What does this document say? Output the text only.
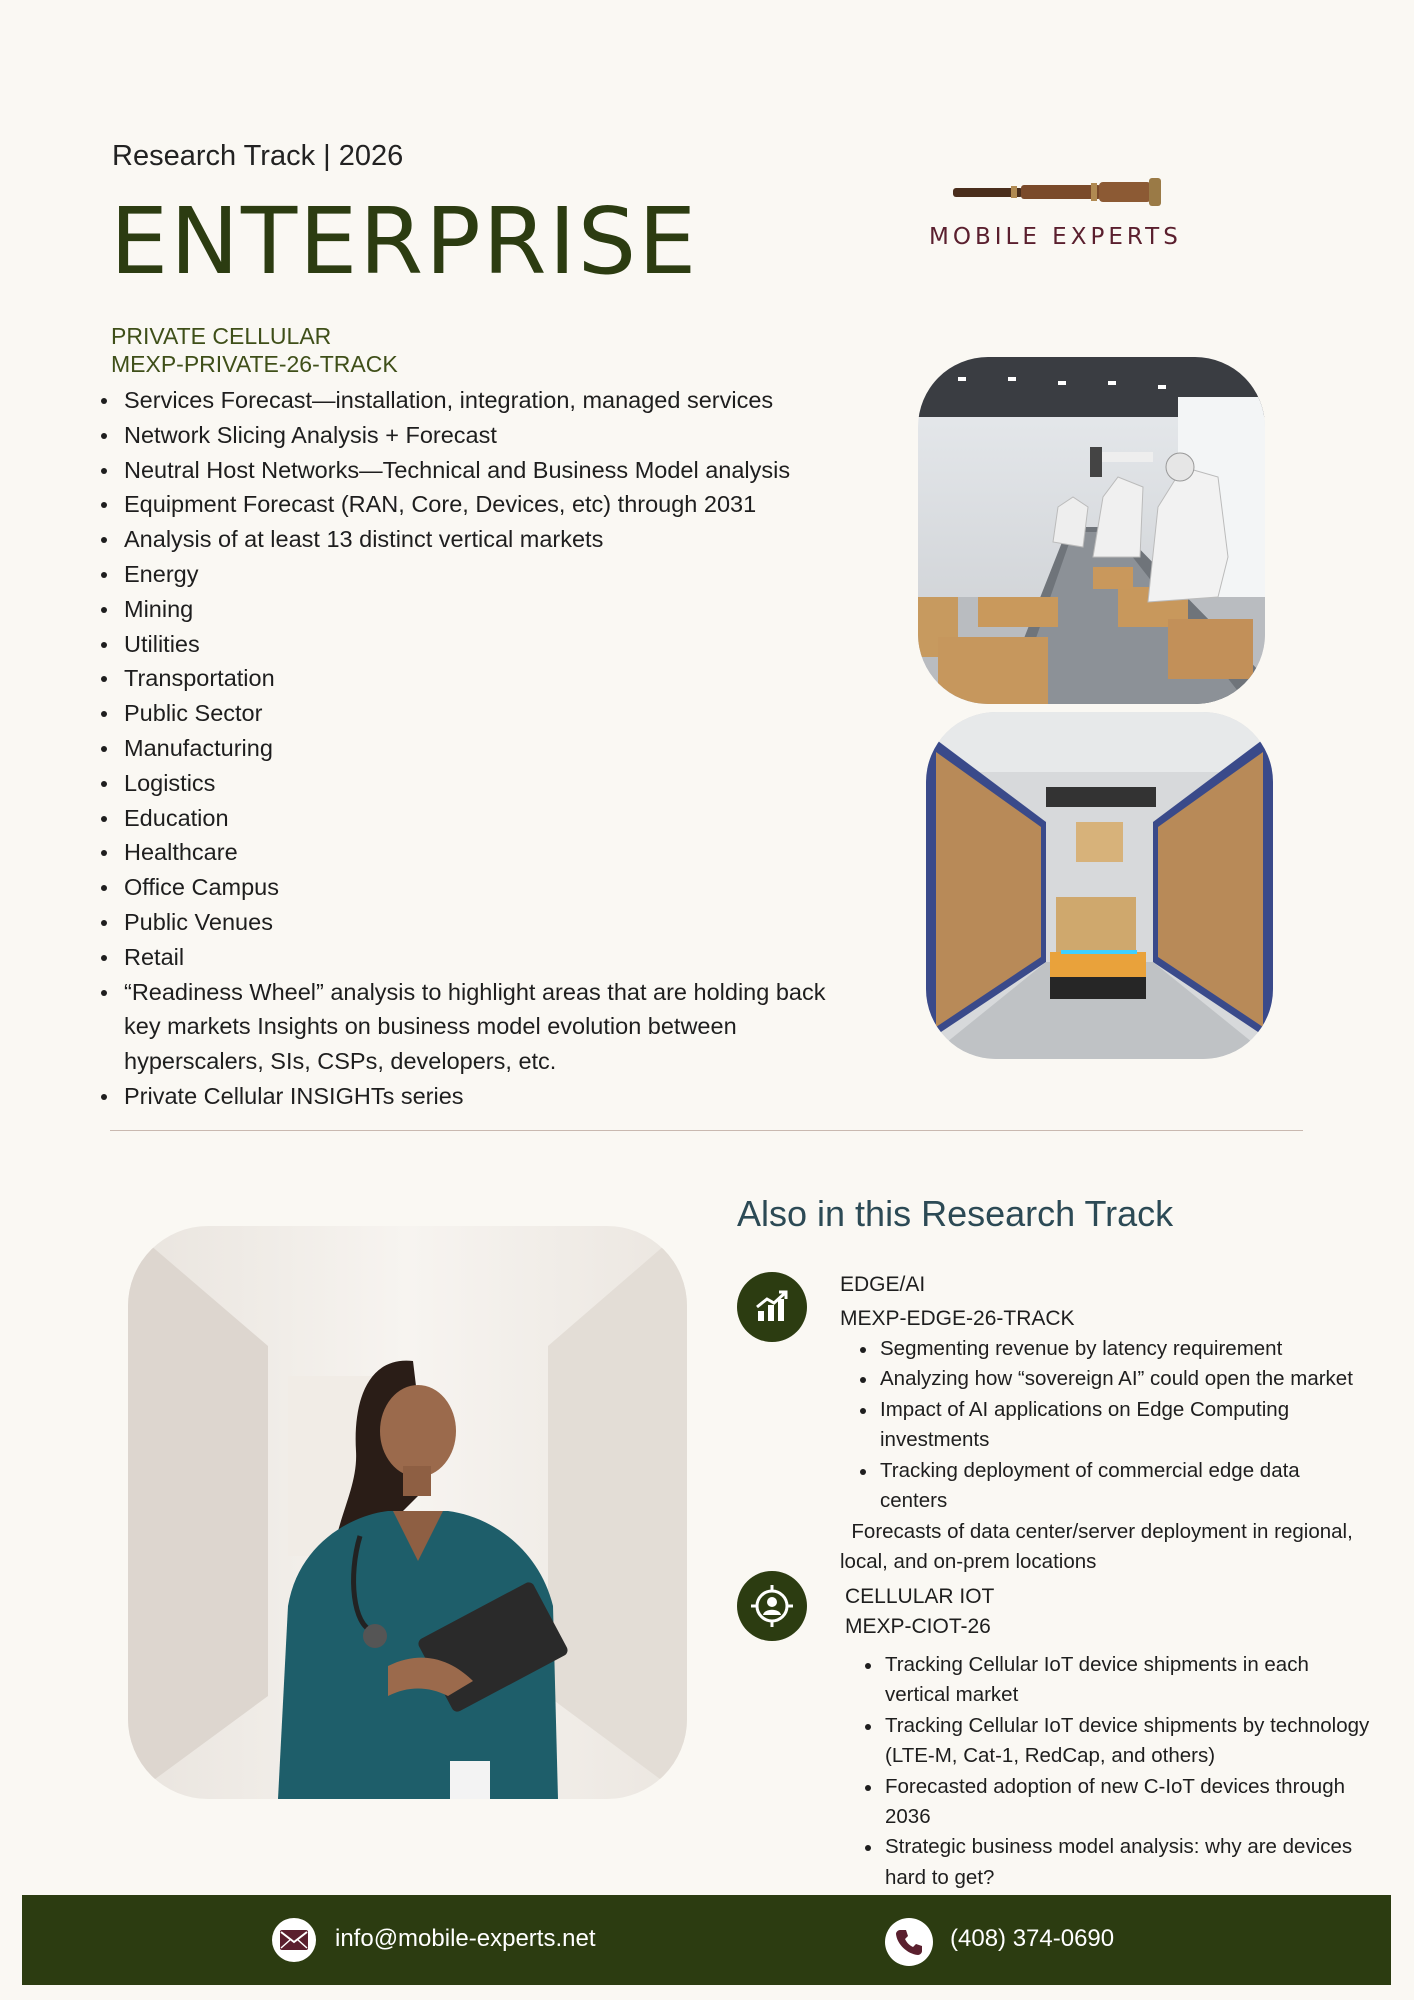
Research Track | 2026
ENTERPRISE	MOBILE EXPERTS
PRIVATE CELLULAR
MEXP-PRIVATE-26-TRACK
Services Forecast—installation, integration, managed services
Network Slicing Analysis + Forecast
Neutral Host Networks—Technical and Business Model analysis
Equipment Forecast (RAN, Core, Devices, etc) through 2031
Analysis of at least 13 distinct vertical markets
Energy
Mining
Utilities
Transportation
Public Sector
Manufacturing
Logistics
Education
Healthcare
Office Campus
Public Venues
Retail
“Readiness Wheel” analysis to highlight areas that are holding back key markets Insights on business model evolution between hyperscalers, SIs, CSPs, developers, etc.
Private Cellular INSIGHTs series
Also in this Research Track
EDGE/AI
MEXP-EDGE-26-TRACK
Segmenting revenue by latency requirement
Analyzing how “sovereign AI” could open the market
Impact of AI applications on Edge Computing investments
Tracking deployment of commercial edge data centers
Forecasts of data center/server deployment in regional, local, and on-prem locations
CELLULAR IOT
MEXP-CIOT-26
Tracking Cellular IoT device shipments in each vertical market
Tracking Cellular IoT device shipments by technology (LTE-M, Cat-1, RedCap, and others)
Forecasted adoption of new C-IoT devices through 2036
Strategic business model analysis: why are devices hard to get?
info@mobile-experts.net	(408) 374-0690
